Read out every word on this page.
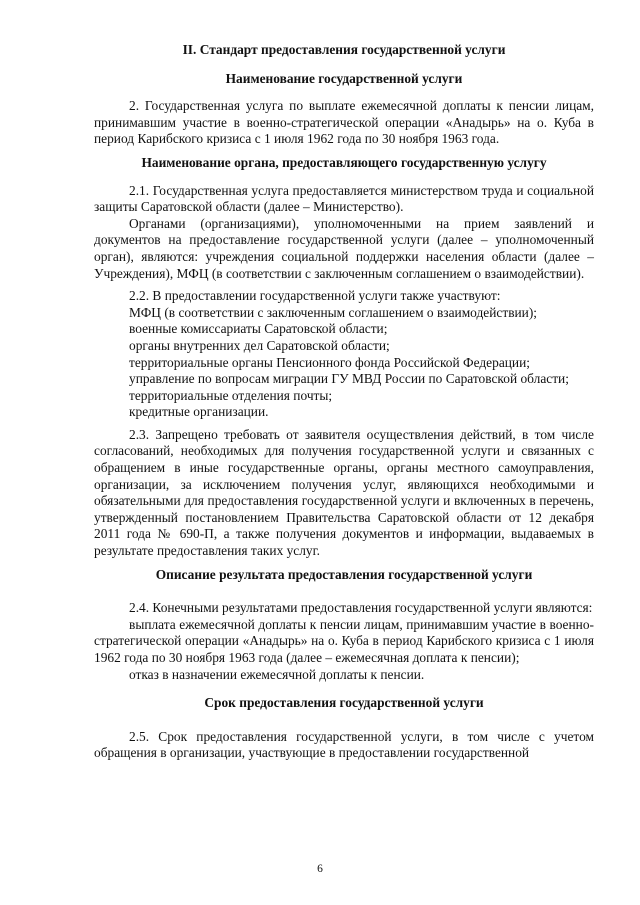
II. Стандарт предоставления государственной услуги
Наименование государственной услуги

2. Государственная услуга по выплате ежемесячной доплаты к пенсии лицам, принимавшим участие в военно-стратегической операции «Анадырь» на о. Куба в период Карибского кризиса с 1 июля 1962 года по 30 ноября 1963 года.

Наименование органа, предоставляющего государственную услугу

2.1. Государственная услуга предоставляется министерством труда и социальной защиты Саратовской области (далее – Министерство).

Органами (организациями), уполномоченными на прием заявлений и документов на предоставление государственной услуги (далее – уполномоченный орган), являются: учреждения социальной поддержки населения области (далее – Учреждения), МФЦ (в соответствии с заключенным соглашением о взаимодействии).

2.2. В предоставлении государственной услуги также участвуют:

МФЦ (в соответствии с заключенным соглашением о взаимодействии);

военные комиссариаты Саратовской области;

органы внутренних дел Саратовской области;

территориальные органы Пенсионного фонда Российской Федерации;

управление по вопросам миграции ГУ МВД России по Саратовской области;

территориальные отделения почты;

кредитные организации.

2.3. Запрещено требовать от заявителя осуществления действий, в том числе согласований, необходимых для получения государственной услуги и связанных с обращением в иные государственные органы, органы местного самоуправления, организации, за исключением получения услуг, являющихся необходимыми и обязательными для предоставления государственной услуги и включенных в перечень, утвержденный постановлением Правительства Саратовской области от 12 декабря 2011 года № 690-П, а также получения документов и информации, выдаваемых в результате предоставления таких услуг.

Описание результата предоставления государственной услуги

2.4. Конечными результатами предоставления государственной услуги являются:

выплата ежемесячной доплаты к пенсии лицам, принимавшим участие в военно-стратегической операции «Анадырь» на о. Куба в период Карибского кризиса с 1 июля 1962 года по 30 ноября 1963 года (далее – ежемесячная доплата к пенсии);

отказ в назначении ежемесячной доплаты к пенсии.

Срок предоставления государственной услуги

2.5. Срок предоставления государственной услуги, в том числе с учетом обращения в организации, участвующие в предоставлении государственной

6
